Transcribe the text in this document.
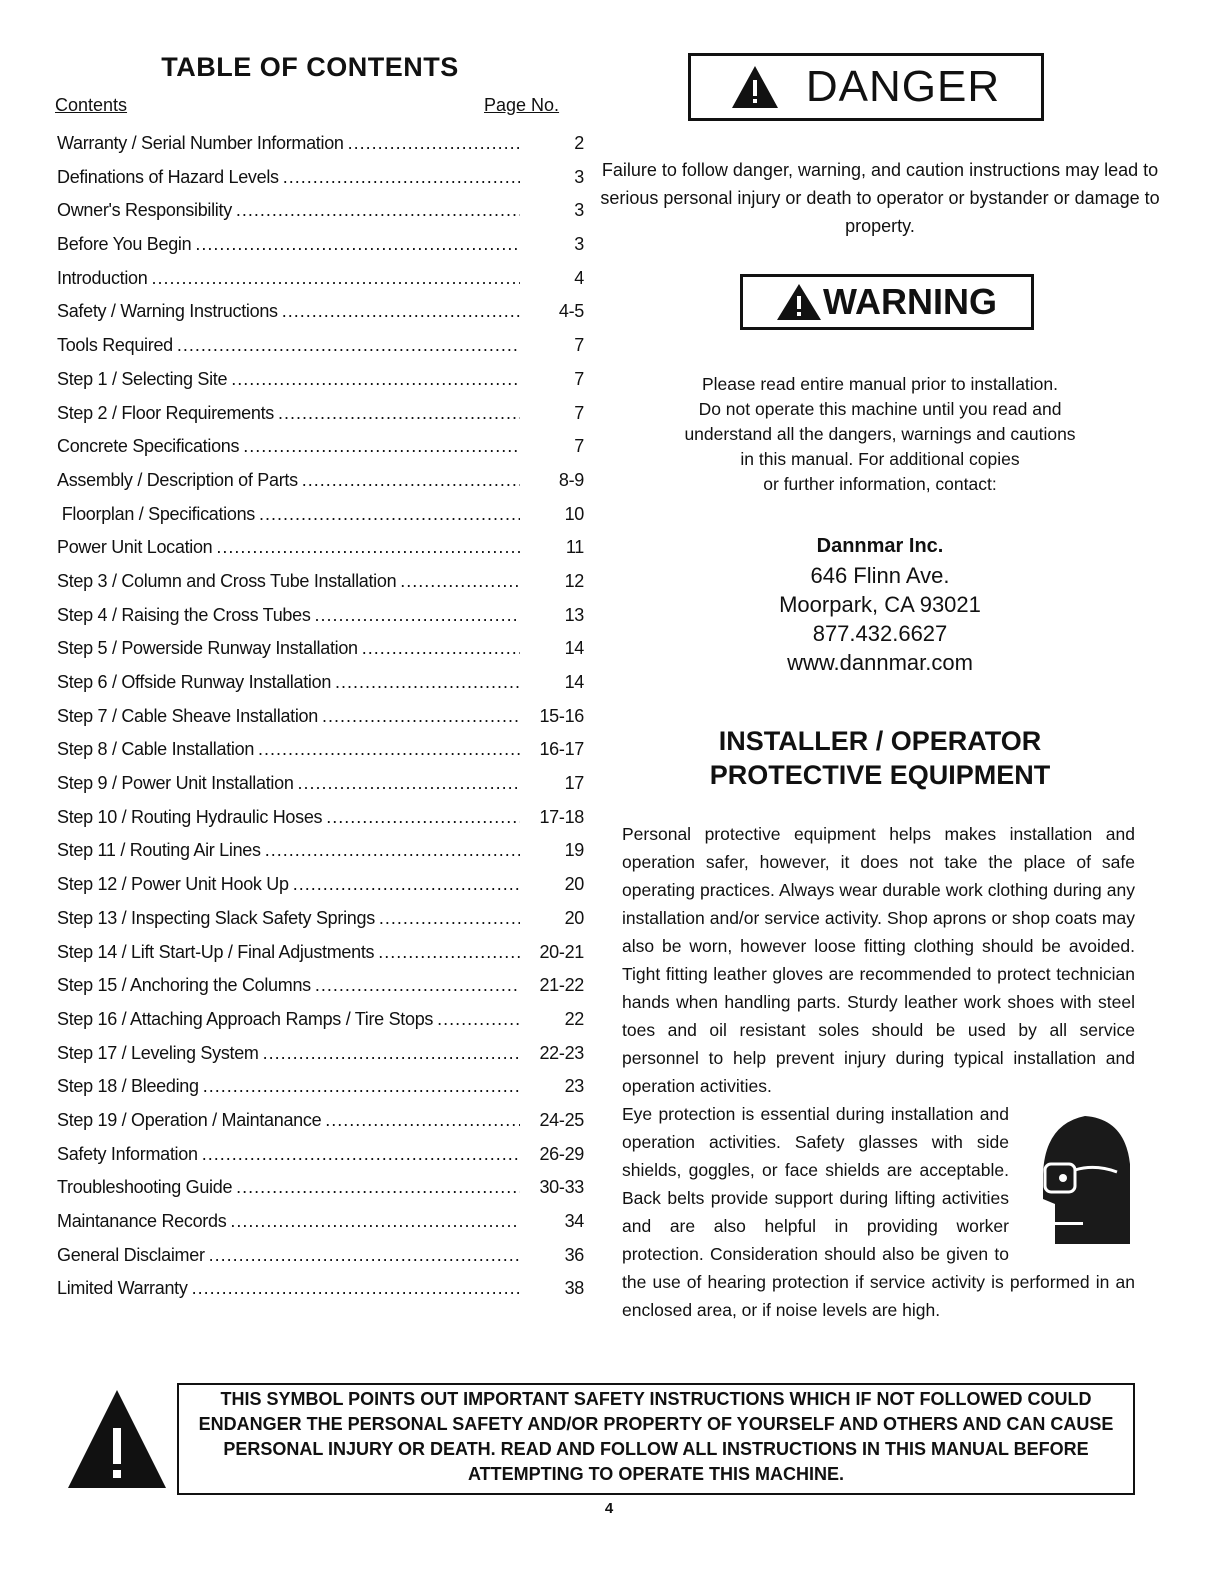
TABLE OF CONTENTS
Contents	Page No.
Warranty / Serial Number Information .....	2
Definations of Hazard Levels .....	3
Owner's Responsibility .....	3
Before You Begin .....	3
Introduction .....	4
Safety / Warning Instructions .....	4-5
Tools Required .....	7
Step 1 / Selecting Site .....	7
Step 2 / Floor Requirements .....	7
Concrete Specifications .....	7
Assembly / Description of Parts .....	8-9
Floorplan / Specifications .....	10
Power Unit Location .....	11
Step 3 / Column and Cross Tube Installation .....	12
Step 4 / Raising the Cross Tubes .....	13
Step 5 / Powerside Runway Installation .....	14
Step 6 / Offside Runway Installation .....	14
Step 7 / Cable Sheave Installation .....	15-16
Step 8 / Cable Installation .....	16-17
Step 9 / Power Unit Installation .....	17
Step 10 / Routing Hydraulic Hoses .....	17-18
Step 11 / Routing Air Lines .....	19
Step 12 / Power Unit Hook Up .....	20
Step 13 / Inspecting Slack Safety Springs .....	20
Step 14 / Lift Start-Up / Final Adjustments .....	20-21
Step 15 / Anchoring the Columns .....	21-22
Step 16 / Attaching Approach Ramps / Tire Stops .....	22
Step 17 / Leveling System .....	22-23
Step 18 / Bleeding .....	23
Step 19 / Operation / Maintanance .....	24-25
Safety Information .....	26-29
Troubleshooting Guide .....	30-33
Maintanance Records .....	34
General Disclaimer .....	36
Limited Warranty .....	38
DANGER
Failure to follow danger, warning, and caution instructions may lead to serious personal injury or death to operator or bystander or damage to property.
WARNING
Please read entire manual prior to installation.
Do not operate this machine until you read and
understand all the dangers, warnings and cautions
in this manual. For additional copies
or further information, contact:
Dannmar Inc.
646 Flinn Ave.
Moorpark, CA 93021
877.432.6627
www.dannmar.com
INSTALLER / OPERATOR
PROTECTIVE EQUIPMENT

Personal protective equipment helps makes installation and operation safer, however, it does not take the place of safe operating practices. Always wear durable work clothing during any installation and/or service activity. Shop aprons or shop coats may also be worn, however loose fitting clothing should be avoided. Tight fitting leather gloves are recommended to protect technician hands when handling parts. Sturdy leather work shoes with steel toes and oil resistant soles should be used by all service personnel to help prevent injury during typical installation and operation activities.

Eye protection is essential during installation and operation activities. Safety glasses with side shields, goggles, or face shields are acceptable. Back belts provide support during lifting activities and are also helpful in providing worker protection. Consideration should also be given to the use of hearing protection if service activity is performed in an enclosed area, or if noise levels are high.

THIS SYMBOL POINTS OUT IMPORTANT SAFETY INSTRUCTIONS WHICH IF NOT FOLLOWED COULD ENDANGER THE PERSONAL SAFETY AND/OR PROPERTY OF YOURSELF AND OTHERS AND CAN CAUSE PERSONAL INJURY OR DEATH. READ AND FOLLOW ALL INSTRUCTIONS IN THIS MANUAL BEFORE ATTEMPTING TO OPERATE THIS MACHINE.
4
